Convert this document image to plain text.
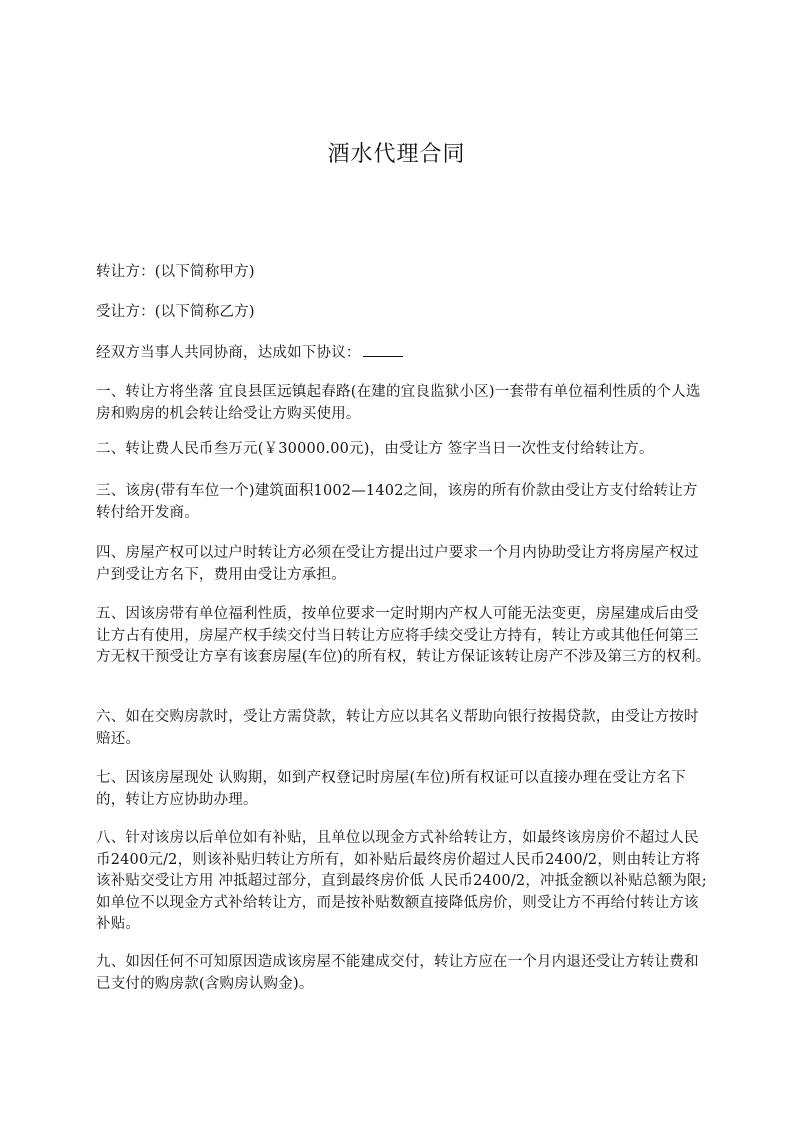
酒水代理合同
转让方：(以下简称甲方)
受让方：(以下简称乙方)
经双方当事人共同协商，达成如下协议：
一、转让方将坐落 宜良县匡远镇起春路(在建的宜良监狱小区)一套带有单位福利性质的个人选房和购房的机会转让给受让方购买使用。
二、转让费人民币叁万元(￥30000.00元)，由受让方 签字当日一次性支付给转让方。
三、该房(带有车位一个)建筑面积1002—1402之间，该房的所有价款由受让方支付给转让方转付给开发商。
四、房屋产权可以过户时转让方必须在受让方提出过户要求一个月内协助受让方将房屋产权过户到受让方名下，费用由受让方承担。
五、因该房带有单位福利性质，按单位要求一定时期内产权人可能无法变更，房屋建成后由受让方占有使用，房屋产权手续交付当日转让方应将手续交受让方持有，转让方或其他任何第三方无权干预受让方享有该套房屋(车位)的所有权，转让方保证该转让房产不涉及第三方的权利。
六、如在交购房款时，受让方需贷款，转让方应以其名义帮助向银行按揭贷款，由受让方按时赔还。
七、因该房屋现处 认购期，如到产权登记时房屋(车位)所有权证可以直接办理在受让方名下的，转让方应协助办理。
八、针对该房以后单位如有补贴，且单位以现金方式补给转让方，如最终该房房价不超过人民币2400元/2，则该补贴归转让方所有，如补贴后最终房价超过人民币2400/2，则由转让方将该补贴交受让方用 冲抵超过部分，直到最终房价低 人民币2400/2，冲抵金额以补贴总额为限;如单位不以现金方式补给转让方，而是按补贴数额直接降低房价，则受让方不再给付转让方该补贴。
九、如因任何不可知原因造成该房屋不能建成交付，转让方应在一个月内退还受让方转让费和已支付的购房款(含购房认购金)。
